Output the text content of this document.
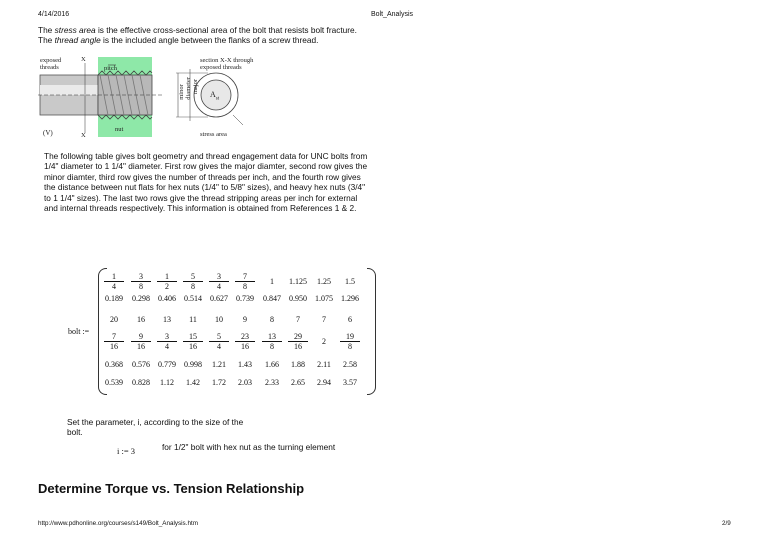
4/14/2016	Bolt_Analysis
The stress area is the effective cross-sectional area of the bolt that resists bolt fracture.
The thread angle is the included angle between the flanks of a screw thread.
exposed
threads
X
pitch
section X-X through
exposed threads
minor
diameter major
$A_{st}$
(V)	X
nut
stress area
The following table gives bolt geometry and thread engagement data for UNC bolts from
1/4" diameter to 1 1/4" diameter. First row gives the major diamter, second row gives the
minor diamter, third row gives the number of threads per inch, and the fourth row gives
the distance between nut flats for hex nuts (1/4" to 5/8" sizes), and heavy hex nuts (3/4"
to 1 1/4" sizes). The last two rows give the thread stripping areas per inch for external
and internal threads respectively. This information is obtained from References 1 & 2.
bolt :=
$\frac{1}{4} \frac{3}{8} \frac{1}{2} \frac{5}{8} \frac{3}{4} \frac{7}{8}$	1	1.125	1.25	1.5
0.189 0.298 0.406 0.514 0.627 0.739 0.847 0.950 1.075 1.296
20	16	13	11	10	9	8	7	7	6
$\frac{7}{16} \frac{9}{16} \frac{3}{4} \frac{15}{16} \frac{5}{4} \frac{23}{16} \frac{13}{8} \frac{29}{16}$	2	$\frac{19}{8}$
0.368 0.576 0.779 0.998	1.21	1.43	1.66	1.88	2.11	2.58
0.539 0.828	1.12	1.42	1.72	2.03	2.33	2.65	2.94	3.57
Set the parameter, i, according to the size of the
bolt.
i := 3	for 1/2" bolt with hex nut as the turning element
Determine Torque vs. Tension Relationship
http://www.pdhonline.org/courses/s149/Bolt_Analysis.htm	2/9
